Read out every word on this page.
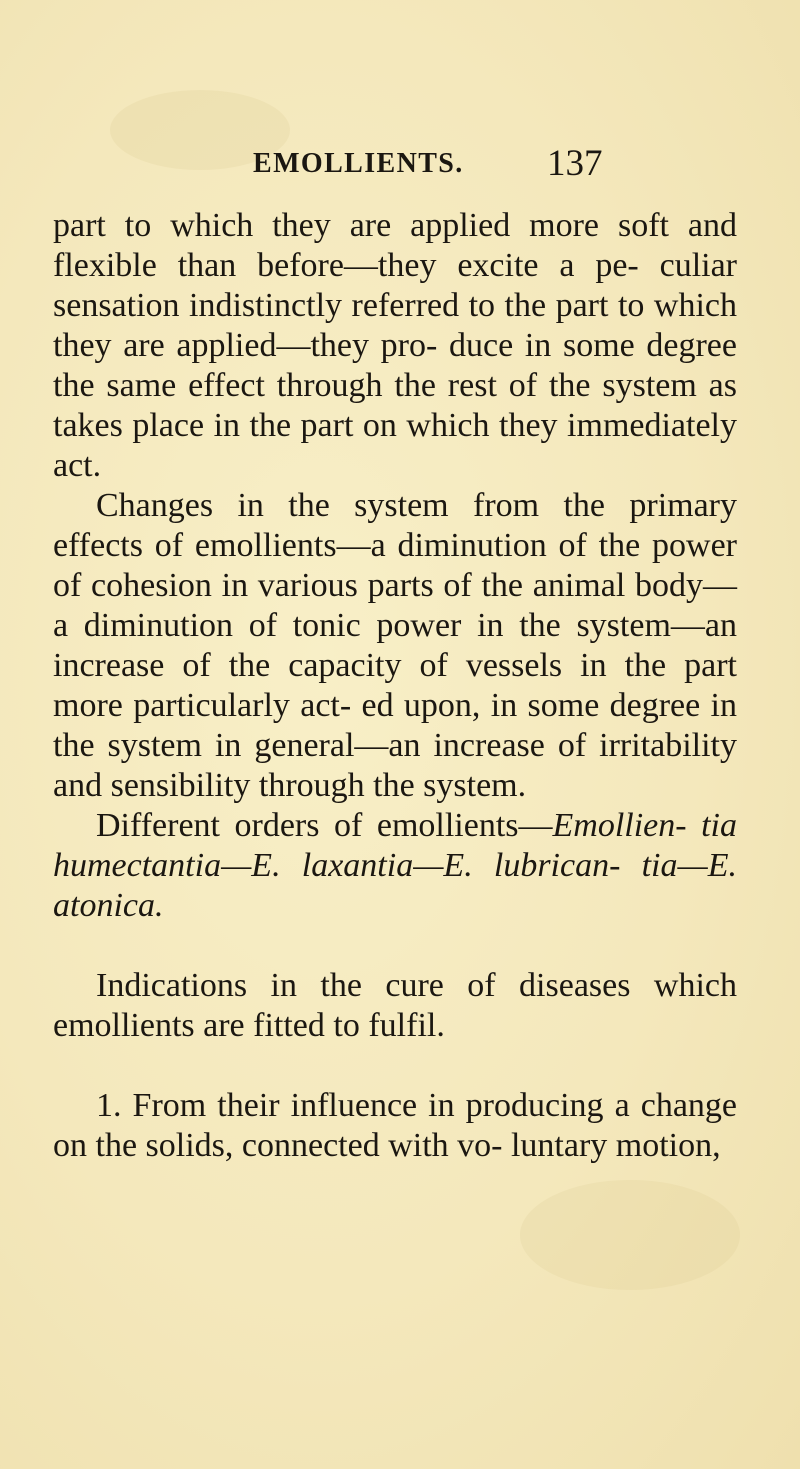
EMOLLIENTS. 137

part to which they are applied more soft and flexible than before—they excite a pe- culiar sensation indistinctly referred to the part to which they are applied—they pro- duce in some degree the same effect through the rest of the system as takes place in the part on which they immediately act.

Changes in the system from the primary effects of emollients—a diminution of the power of cohesion in various parts of the animal body—a diminution of tonic power in the system—an increase of the capacity of vessels in the part more particularly act- ed upon, in some degree in the system in general—an increase of irritability and sensibility through the system.

Different orders of emollients—Emollien- tia humectantia—E. laxantia—E. lubrican- tia—E. atonica.

Indications in the cure of diseases which emollients are fitted to fulfil.

1. From their influence in producing a change on the solids, connected with vo- luntary motion,
